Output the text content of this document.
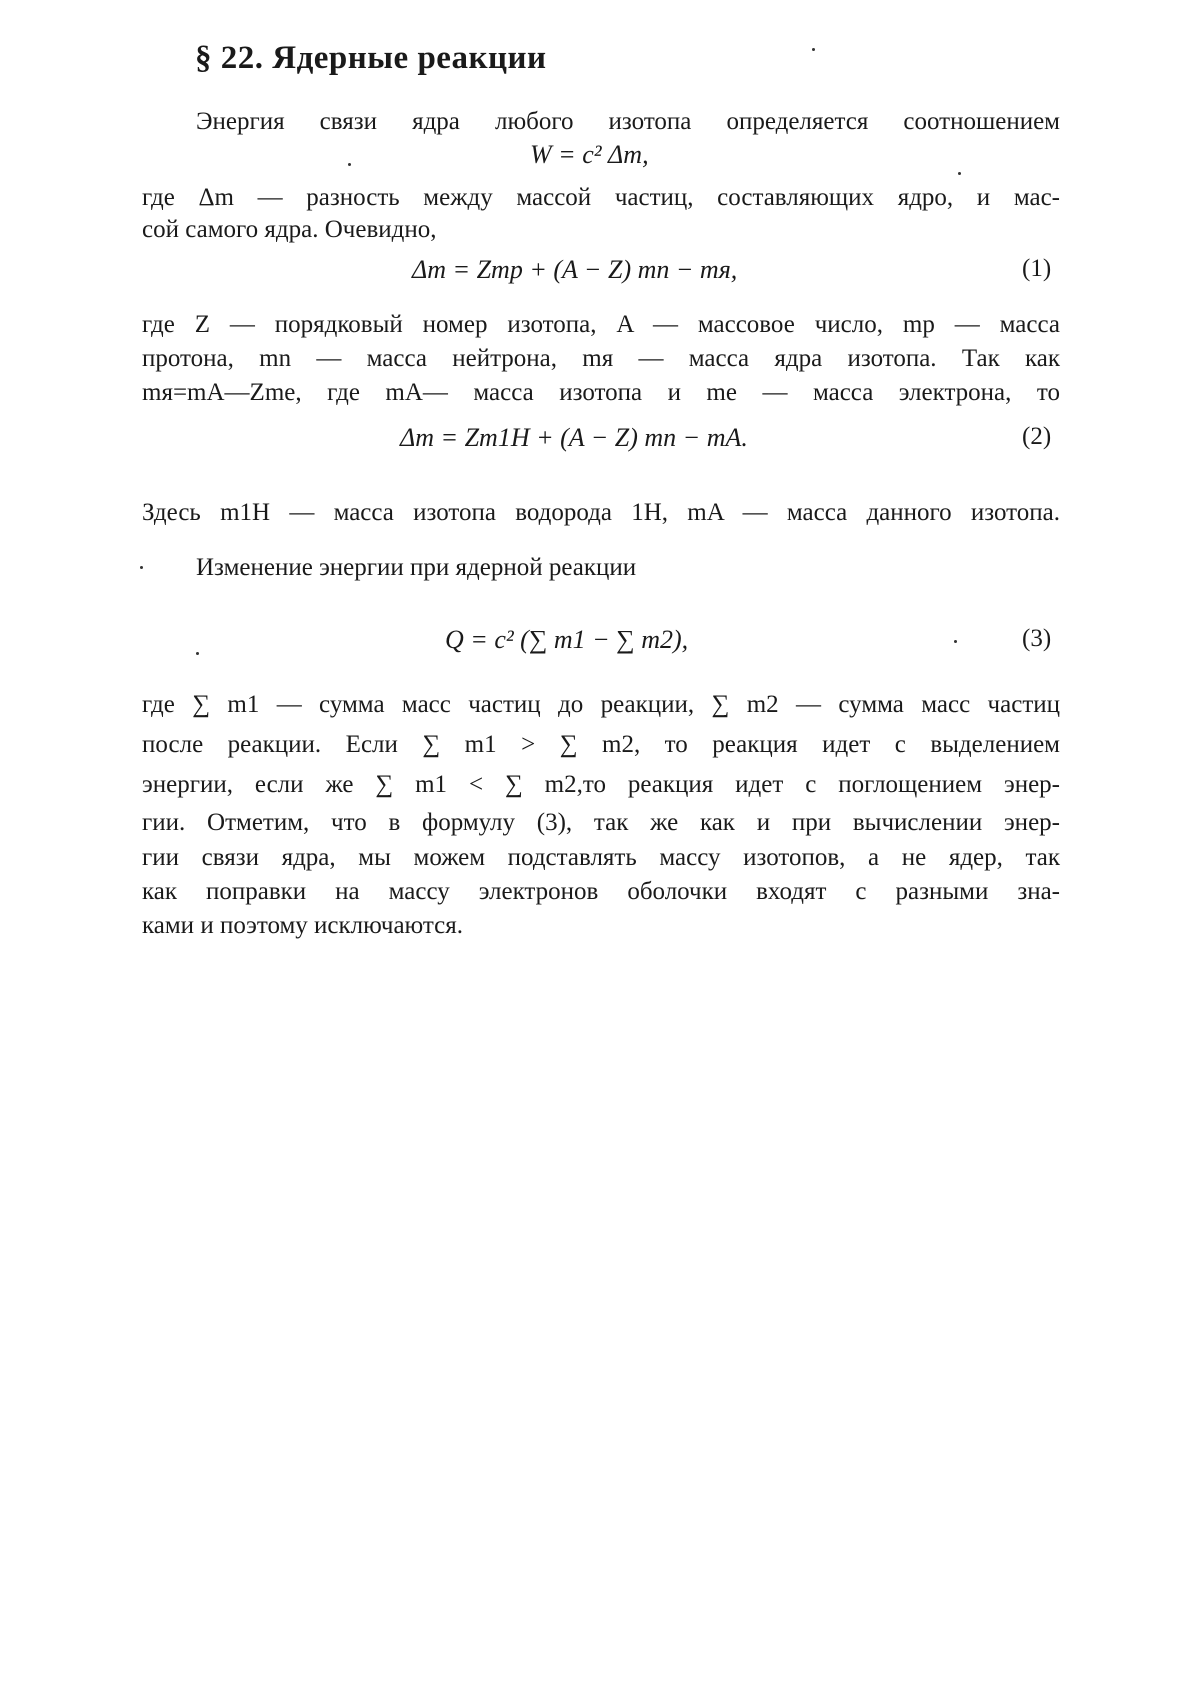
§ 22. Ядерные реакции
Энергия связи ядра любого изотопа определяется соотношением
W = c² Δm,
где Δm — разность между массой частиц, составляющих ядро, и мас-
сой самого ядра. Очевидно,
Δm = Zmp + (A − Z) mn − mя,	(1)
где Z — порядковый номер изотопа, A — массовое число, mp — масса
протона, mn — масса нейтрона, mя — масса ядра изотопа. Так как
mя=mA—Zme, где mA— масса изотопа и me — масса электрона, то
Δm = Zm1H + (A − Z) mn − mA.	(2)
Здесь m1H — масса изотопа водорода 1H, mA — масса данного изотопа.
Изменение энергии при ядерной реакции
Q = c² (∑ m1 − ∑ m2),	(3)
где ∑ m1 — сумма масс частиц до реакции, ∑ m2 — сумма масс частиц
после реакции. Если ∑ m1 > ∑ m2, то реакция идет с выделением
энергии, если же ∑ m1 < ∑ m2,то реакция идет с поглощением энер-
гии. Отметим, что в формулу (3), так же как и при вычислении энер-
гии связи ядра, мы можем подставлять массу изотопов, а не ядер, так
как поправки на массу электронов оболочки входят с разными зна-
ками и поэтому исключаются.
